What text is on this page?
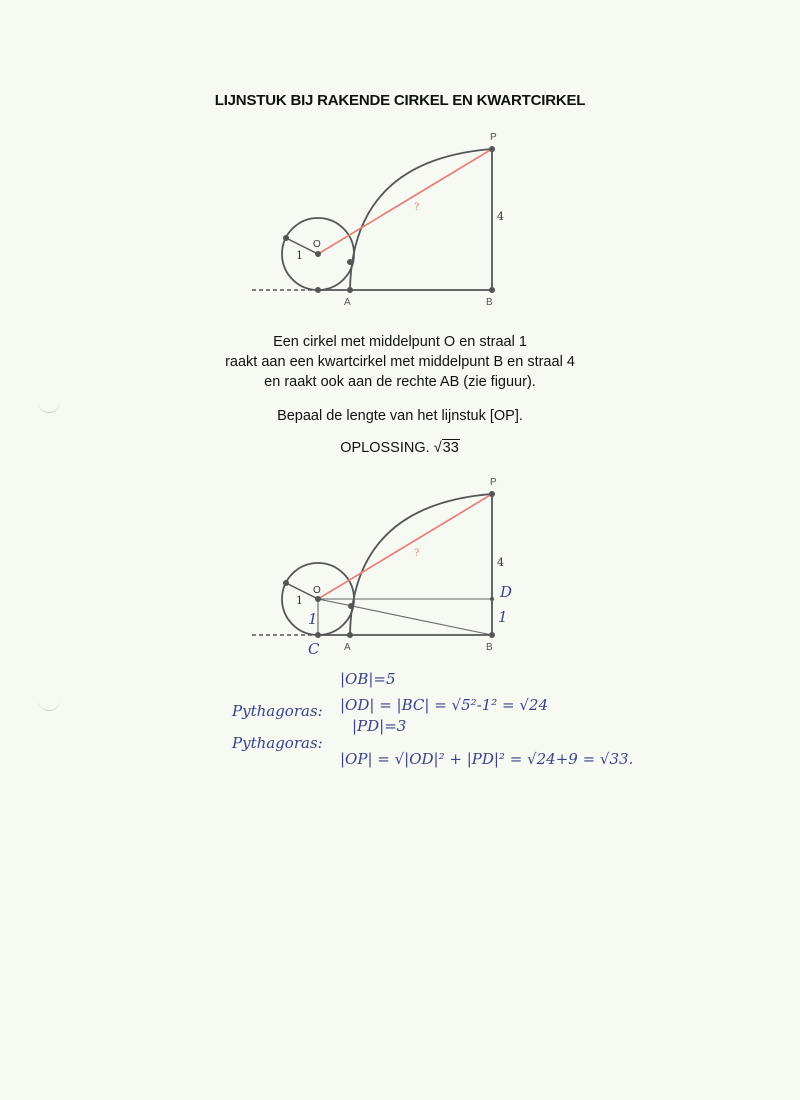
LIJNSTUK BIJ RAKENDE CIRKEL EN KWARTCIRKEL
P
O
1
4
?
A	B
Een cirkel met middelpunt O en straal 1
raakt aan een kwartcirkel met middelpunt B en straal 4
en raakt ook aan de rechte AB (zie figuur).
Bepaal de lengte van het lijnstuk [OP].
OPLOSSING. √33
P
O
1
4
?
A	B
C
D
1
1
|OB|=5
Pythagoras: |OD| = |BC| = √5²-1² = √24
|PD|=3
Pythagoras:
|OP| = √|OD|² + |PD|² = √24+9 = √33.
